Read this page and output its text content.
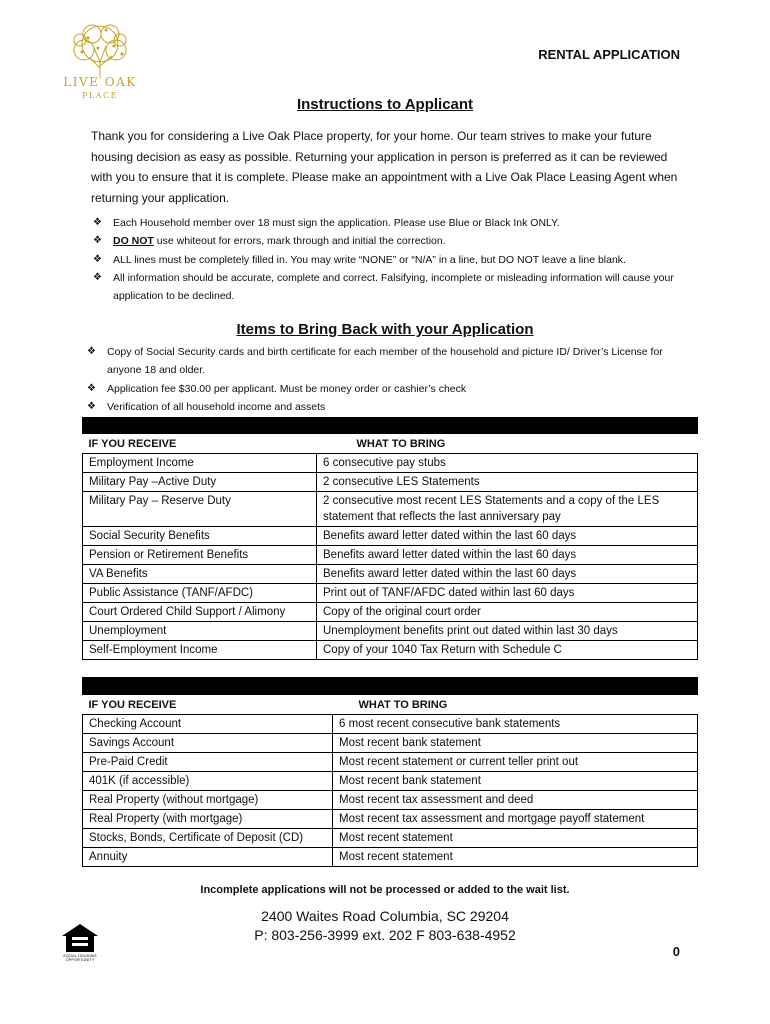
LIVE OAK
PLACE
RENTAL APPLICATION
Instructions to Applicant
Thank you for considering a Live Oak Place property, for your home. Our team strives to make your future housing decision as easy as possible. Returning your application in person is preferred as it can be reviewed with you to ensure that it is complete. Please make an appointment with a Live Oak Place Leasing Agent when returning your application.
❖ Each Household member over 18 must sign the application. Please use Blue or Black Ink ONLY.
❖ DO NOT use whiteout for errors, mark through and initial the correction.
❖ ALL lines must be completely filled in. You may write “NONE” or “N/A” in a line, but DO NOT leave a line blank.
❖ All information should be accurate, complete and correct. Falsifying, incomplete or misleading information will cause your application to be declined.
Items to Bring Back with your Application
❖ Copy of Social Security cards and birth certificate for each member of the household and picture ID/ Driver’s License for anyone 18 and older.
❖ Application fee $30.00 per applicant. Must be money order or cashier’s check
❖ Verification of all household income and assets
IF YOU RECEIVE	WHAT TO BRING
Employment Income	6 consecutive pay stubs
Military Pay –Active Duty	2 consecutive LES Statements
Military Pay – Reserve Duty	2 consecutive most recent LES Statements and a copy of the LES statement that reflects the last anniversary pay
Social Security Benefits	Benefits award letter dated within the last 60 days
Pension or Retirement Benefits	Benefits award letter dated within the last 60 days
VA Benefits	Benefits award letter dated within the last 60 days
Public Assistance (TANF/AFDC)	Print out of TANF/AFDC dated within last 60 days
Court Ordered Child Support / Alimony	Copy of the original court order
Unemployment	Unemployment benefits print out dated within last 30 days
Self-Employment Income	Copy of your 1040 Tax Return with Schedule C
IF YOU RECEIVE	WHAT TO BRING
Checking Account	6 most recent consecutive bank statements
Savings Account	Most recent bank statement
Pre-Paid Credit	Most recent statement or current teller print out
401K (if accessible)	Most recent bank statement
Real Property (without mortgage)	Most recent tax assessment and deed
Real Property (with mortgage)	Most recent tax assessment and mortgage payoff statement
Stocks, Bonds, Certificate of Deposit (CD)	Most recent statement
Annuity	Most recent statement
Incomplete applications will not be processed or added to the wait list.
2400 Waites Road Columbia, SC 29204
P: 803-256-3999 ext. 202 F 803-638-4952
EQUAL HOUSING OPPORTUNITY
0
